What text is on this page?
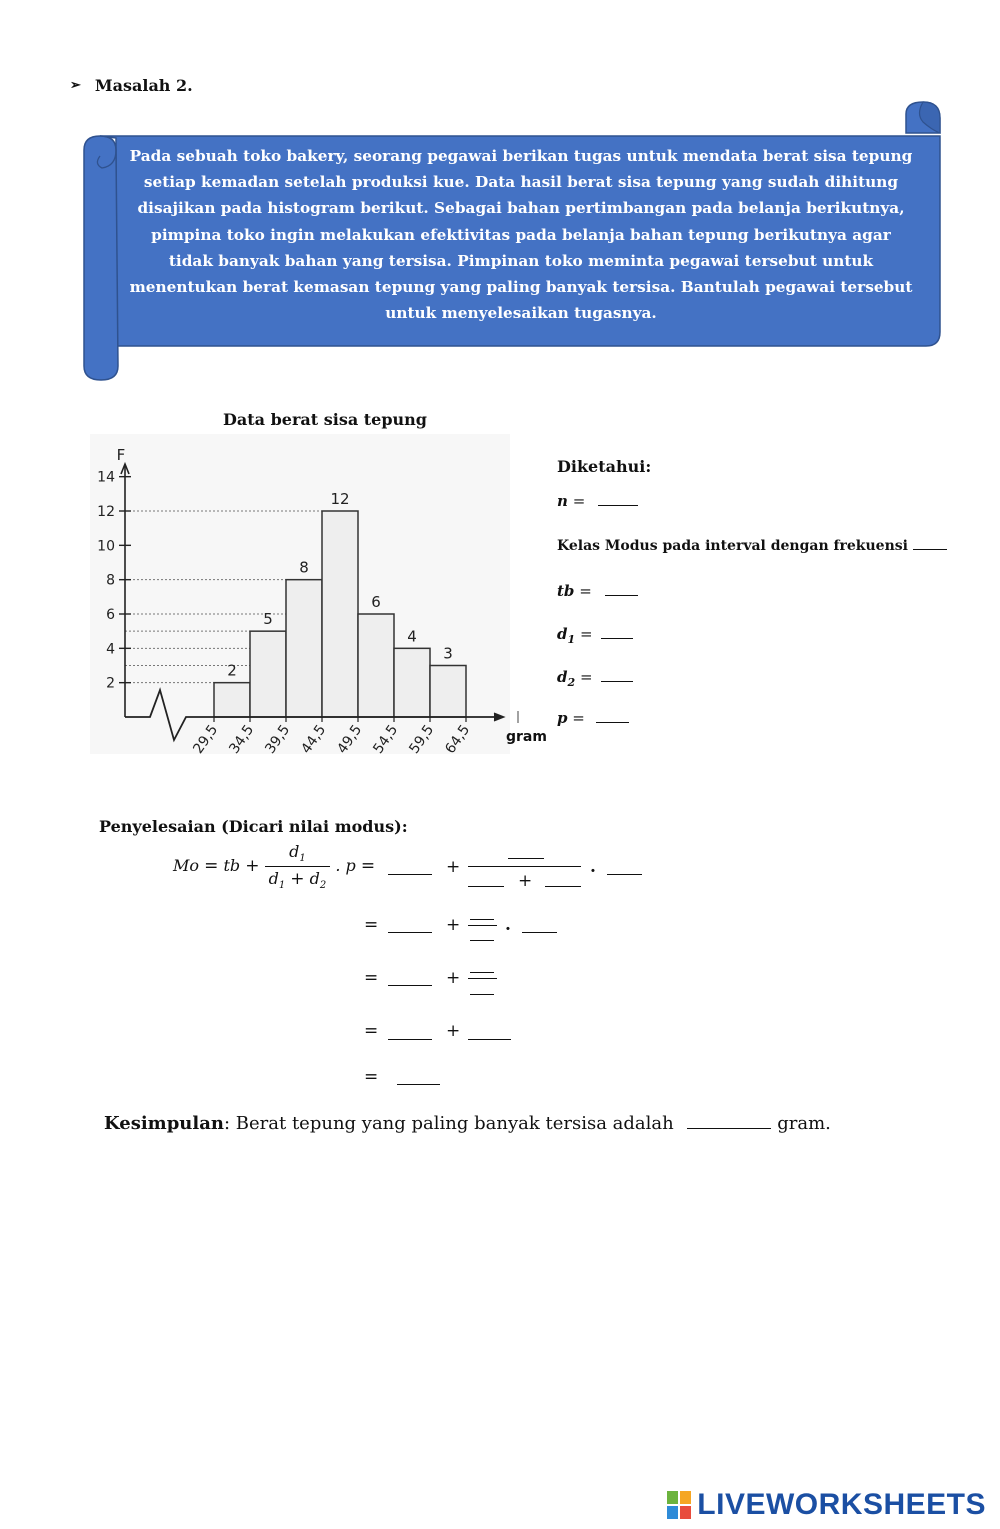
➢ Masalah 2.
Pada sebuah toko bakery, seorang pegawai berikan tugas untuk mendata berat sisa tepung setiap kemadan setelah produksi kue. Data hasil berat sisa tepung yang sudah dihitung disajikan pada histogram berikut. Sebagai bahan pertimbangan pada belanja berikutnya, pimpina toko ingin melakukan efektivitas pada belanja bahan tepung berikutnya agar tidak banyak bahan yang tersisa. Pimpinan toko meminta pegawai tersebut untuk menentukan berat kemasan tepung yang paling banyak tersisa. Bantulah pegawai tersebut untuk menyelesaikan tugasnya.
Data berat sisa tepung
2
5
8
12
6
4
3
F
2
4
6
8
10
12
14
29,5 34,5 39,5 44,5 49,5 54,5 59,5 64,5 gram
Diketahui:
n =
Kelas Modus pada interval dengan frekuensi
tb =
$d_1$ =
$d_2$ =
p =
Penyelesaian (Dicari nilai modus):
Mo = tb + $\frac{d_1}{d_1 + d_2}$ . p =	+
+
.
=	+	.
=	+
=	+
=
Kesimpulan: Berat tepung yang paling banyak tersisa adalah	gram.
LIVEWORKSHEETS
